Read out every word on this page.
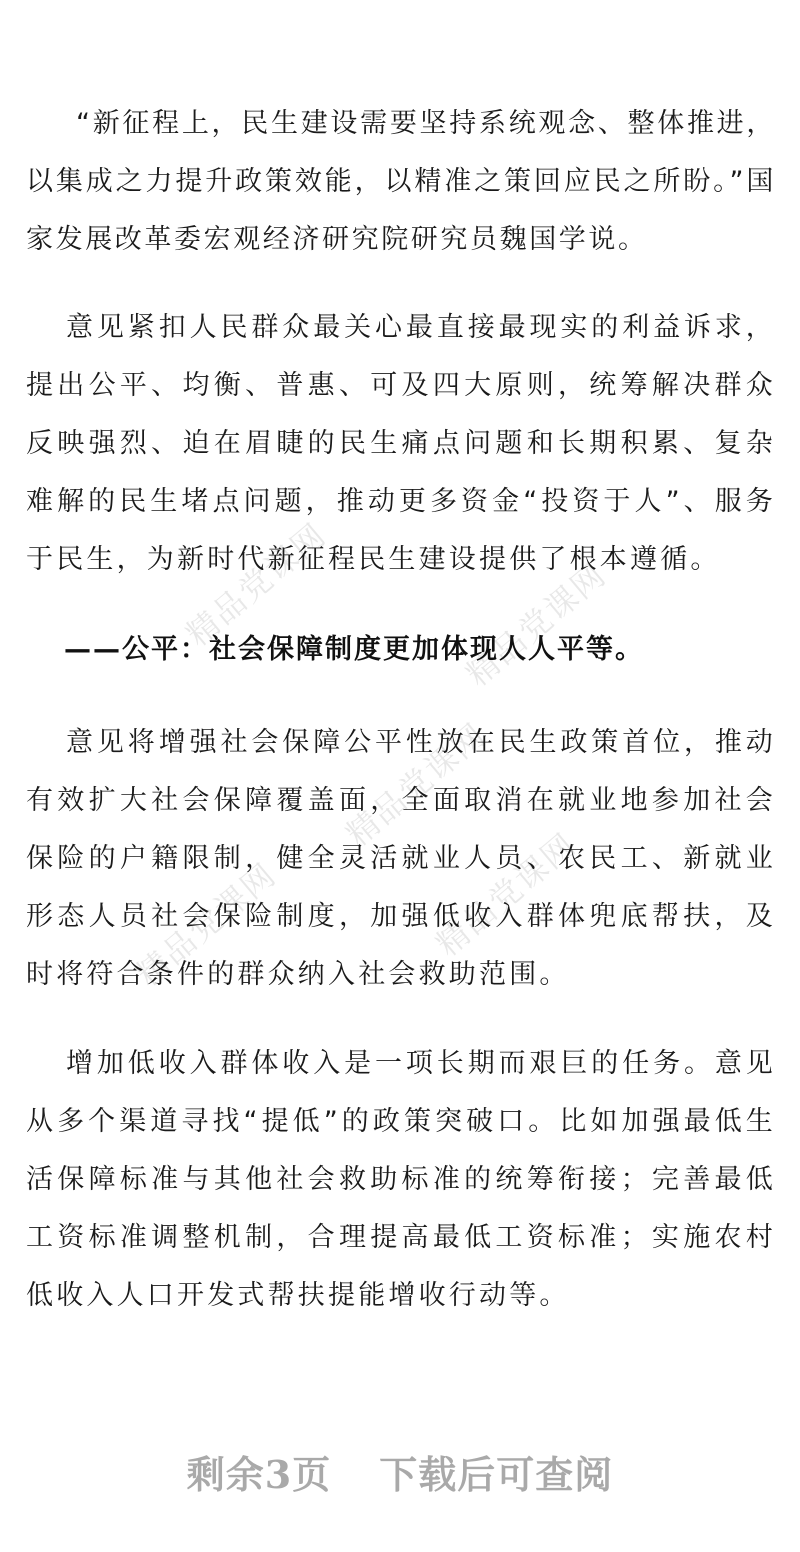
精品党课网	精品党课网
精品党课网
精品党课网	精品党课网

“新征程上，民生建设需要坚持系统观念、整体推进，以集成之力提升政策效能，以精准之策回应民之所盼。”国家发展改革委宏观经济研究院研究员魏国学说。

意见紧扣人民群众最关心最直接最现实的利益诉求，提出公平、均衡、普惠、可及四大原则，统筹解决群众反映强烈、迫在眉睫的民生痛点问题和长期积累、复杂难解的民生堵点问题，推动更多资金“投资于人”、服务于民生，为新时代新征程民生建设提供了根本遵循。

——公平：社会保障制度更加体现人人平等。

意见将增强社会保障公平性放在民生政策首位，推动有效扩大社会保障覆盖面，全面取消在就业地参加社会保险的户籍限制，健全灵活就业人员、农民工、新就业形态人员社会保险制度，加强低收入群体兜底帮扶，及时将符合条件的群众纳入社会救助范围。

增加低收入群体收入是一项长期而艰巨的任务。意见从多个渠道寻找“提低”的政策突破口。比如加强最低生活保障标准与其他社会救助标准的统筹衔接；完善最低工资标准调整机制，合理提高最低工资标准；实施农村低收入人口开发式帮扶提能增收行动等。

剩余3页 下载后可查阅
